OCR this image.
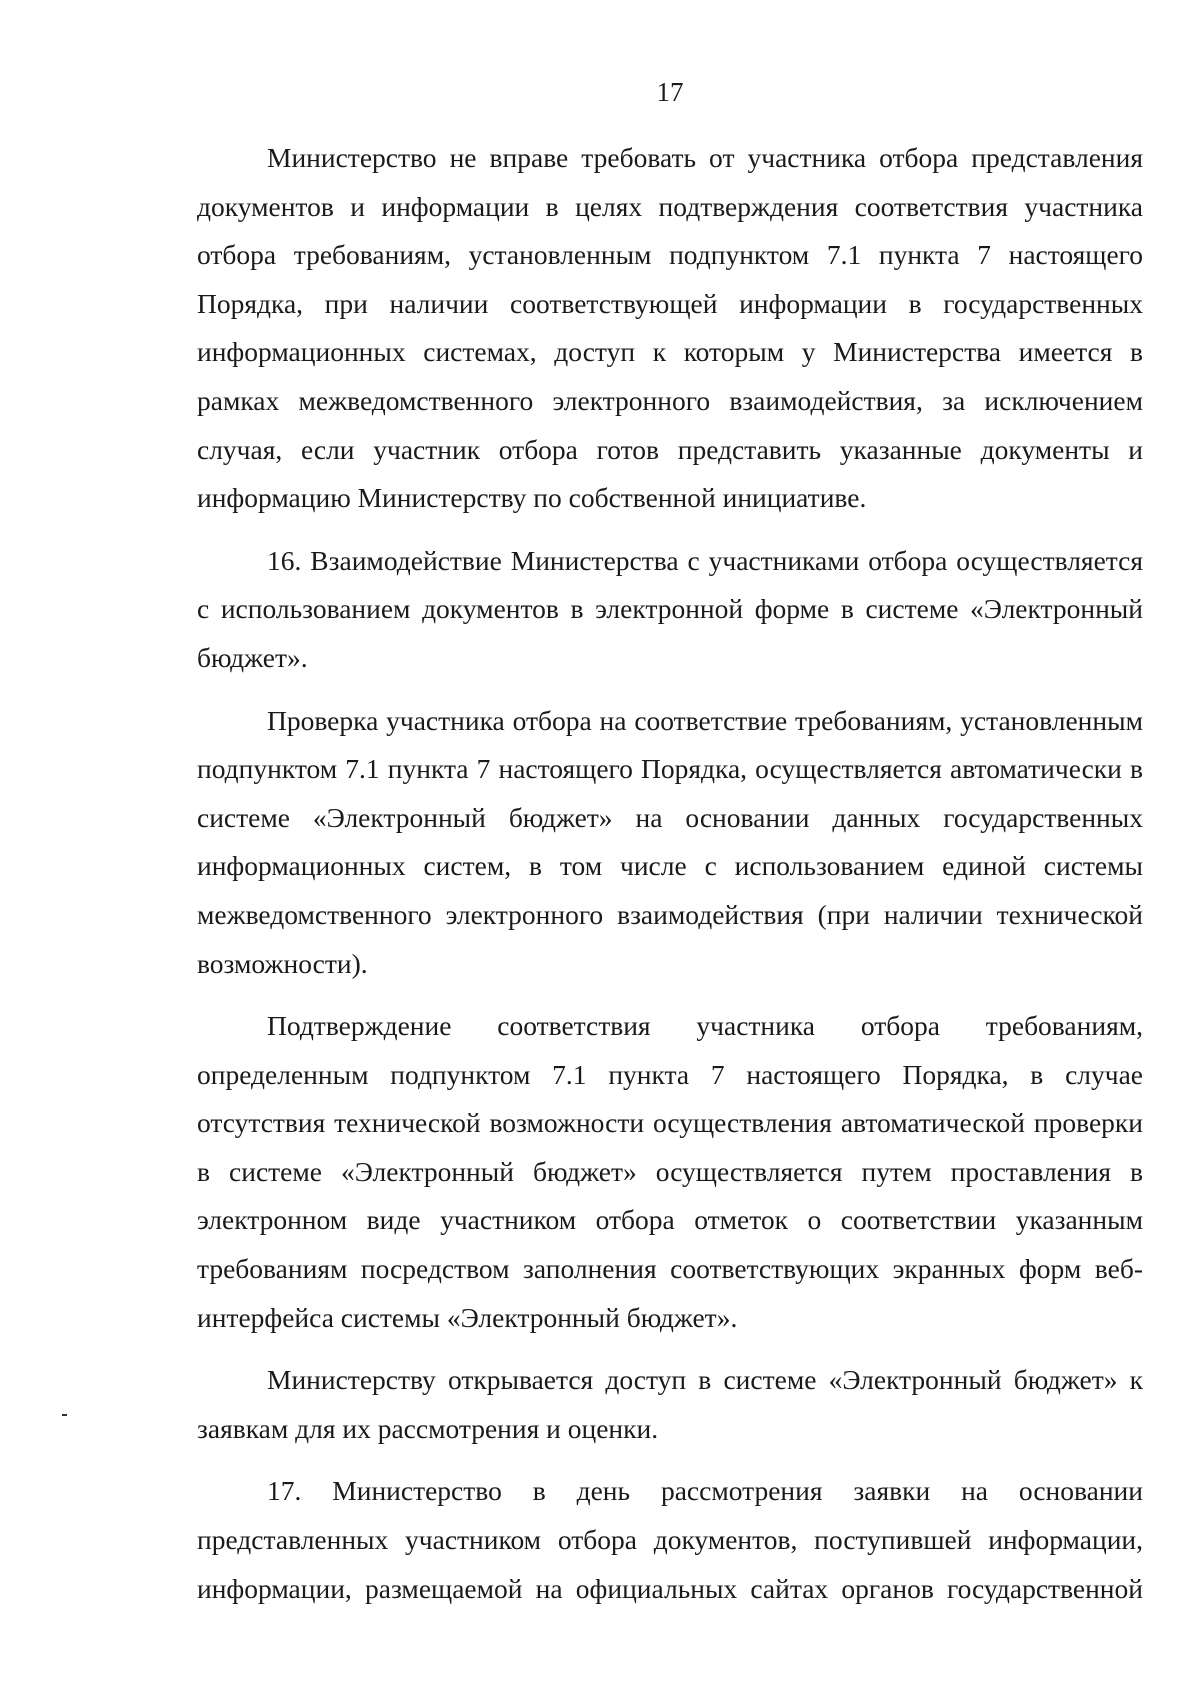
17

Министерство не вправе требовать от участника отбора представления документов и информации в целях подтверждения соответствия участника отбора требованиям, установленным подпунктом 7.1 пункта 7 настоящего Порядка, при наличии соответствующей информации в государственных информационных системах, доступ к которым у Министерства имеется в рамках межведомственного электронного взаимодействия, за исключением случая, если участник отбора готов представить указанные документы и информацию Министерству по собственной инициативе.

16. Взаимодействие Министерства с участниками отбора осуществляется с использованием документов в электронной форме в системе «Электронный бюджет».

Проверка участника отбора на соответствие требованиям, установленным подпунктом 7.1 пункта 7 настоящего Порядка, осуществляется автоматически в системе «Электронный бюджет» на основании данных государственных информационных систем, в том числе с использованием единой системы межведомственного электронного взаимодействия (при наличии технической возможности).

Подтверждение соответствия участника отбора требованиям, определенным подпунктом 7.1 пункта 7 настоящего Порядка, в случае отсутствия технической возможности осуществления автоматической проверки в системе «Электронный бюджет» осуществляется путем проставления в электронном виде участником отбора отметок о соответствии указанным требованиям посредством заполнения соответствующих экранных форм веб-интерфейса системы «Электронный бюджет».

Министерству открывается доступ в системе «Электронный бюджет» к заявкам для их рассмотрения и оценки.

17. Министерство в день рассмотрения заявки на основании представленных участником отбора документов, поступившей информации, информации, размещаемой на официальных сайтах органов государственной
